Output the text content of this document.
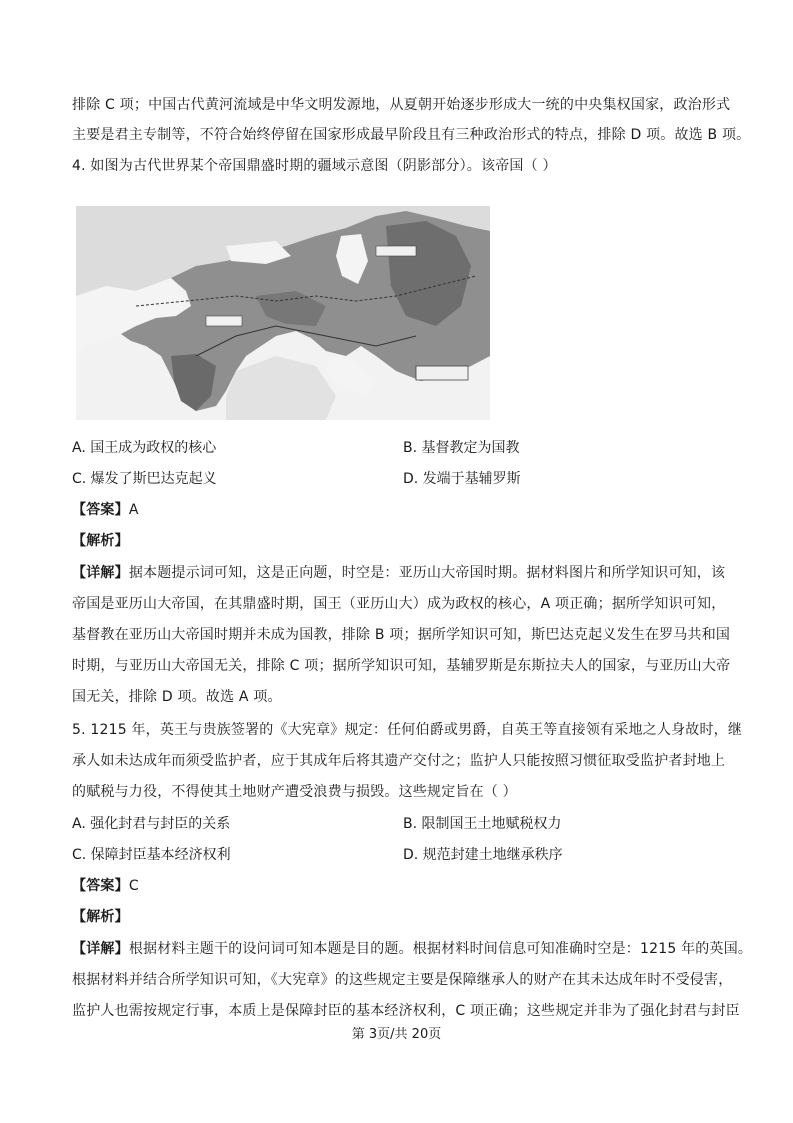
排除 C 项；中国古代黄河流域是中华文明发源地，从夏朝开始逐步形成大一统的中央集权国家，政治形式
主要是君主专制等，不符合始终停留在国家形成最早阶段且有三种政治形式的特点，排除 D 项。故选 B 项。
4. 如图为古代世界某个帝国鼎盛时期的疆域示意图（阴影部分）。该帝国（ ）
A. 国王成为政权的核心	B. 基督教定为国教
C. 爆发了斯巴达克起义	D. 发端于基辅罗斯
【答案】A
【解析】
【详解】据本题提示词可知，这是正向题，时空是：亚历山大帝国时期。据材料图片和所学知识可知，该
帝国是亚历山大帝国，在其鼎盛时期，国王（亚历山大）成为政权的核心，A 项正确；据所学知识可知，
基督教在亚历山大帝国时期并未成为国教，排除 B 项；据所学知识可知，斯巴达克起义发生在罗马共和国
时期，与亚历山大帝国无关，排除 C 项；据所学知识可知，基辅罗斯是东斯拉夫人的国家，与亚历山大帝
国无关，排除 D 项。故选 A 项。
5. 1215 年，英王与贵族签署的《大宪章》规定：任何伯爵或男爵，自英王等直接领有采地之人身故时，继
承人如未达成年而须受监护者，应于其成年后将其遗产交付之；监护人只能按照习惯征取受监护者封地上
的赋税与力役，不得使其土地财产遭受浪费与损毁。这些规定旨在（ ）
A. 强化封君与封臣的关系	B. 限制国王土地赋税权力
C. 保障封臣基本经济权利	D. 规范封建土地继承秩序
【答案】C
【解析】
【详解】根据材料主题干的设问词可知本题是目的题。根据材料时间信息可知准确时空是：1215 年的英国。
根据材料并结合所学知识可知，《大宪章》的这些规定主要是保障继承人的财产在其未达成年时不受侵害，
监护人也需按规定行事，本质上是保障封臣的基本经济权利，C 项正确；这些规定并非为了强化封君与封臣
第 3页/共 20页
